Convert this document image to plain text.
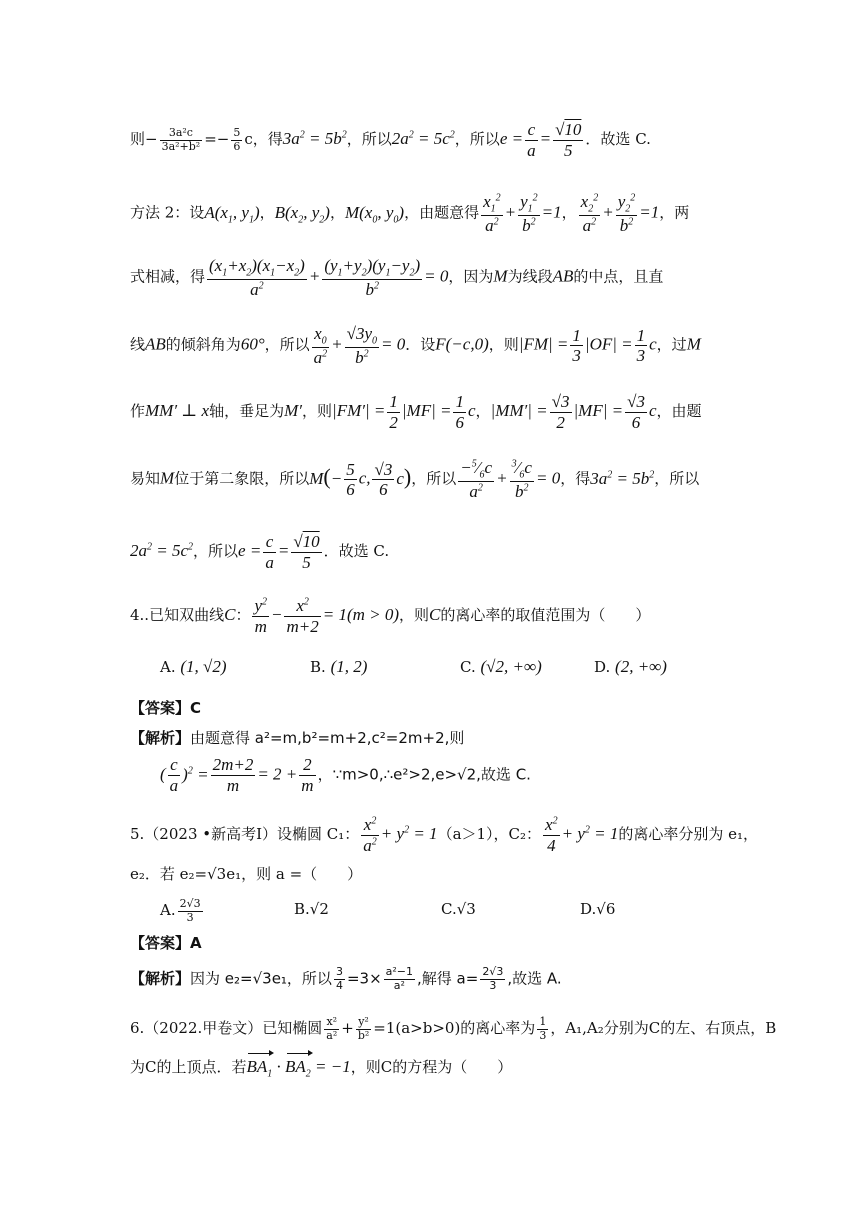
则− $\frac{\text{3a²c}}{\text{3a²+b²}} =- \frac{5}{6}$ c，得$3a^2 = 5b^2$，所以$2a^2 = 5c^2$，所以$e = \frac{c}{a} = \frac{√10}{5}$ ．故选 C.
方法 2：设$A(x_1$, $y_1$)，$B(x_2$, $y_2$)，$M(x_0$, $y_0$)，由题意得 $\frac{x_1^2}{a^2} + \frac{y_1^2}{b^2} =1$， $\frac{x_2^2}{a^2} + \frac{y_2^2}{b^2} =1$，两
式相减，得 $\frac{(x_1+x_2)(x_1-x_2)}{a^2} + \frac{(y_1+y_2)(y_1-y_2)}{b^2} = 0$，因为M为线段AB的中点，且直
线AB的倾斜角为60°，所以 $\frac{x_0}{a^2} + \frac{√3y_0}{b^2} = 0$．设F(−c,0)，则$|FM| = \frac{1}{3} |OF| = \frac{1}{3}$ c，过M
作MM′ ⊥ x轴，垂足为M′，则$|FM'| = \frac{1}{2} |MF| = \frac{1}{6}$ c，$|MM'| = \frac{√3}{2} |MF| = \frac{√3}{6}$ c，由题
易知M位于第二象限，所以$M(- \frac{5}{6} c$, $\frac{√3}{6} c$)，所以 $\frac{-^5⁄_6c}{a^2} + \frac{^3⁄_6c}{b^2} = 0$，得$3a^2 = 5b^2$，所以
$2a^2 = 5c^2$，所以$e = \frac{c}{a} = \frac{√10}{5}$ ．故选 C.
4..已知双曲线C： $\frac{y^2}{m} - \frac{x^2}{m+2} = 1(m > 0)$，则C的离心率的取值范围为（　　）
A. (1, √2)	B. (1, 2)	C. (√2, +∞)	D. (2, +∞)
【答案】C
【解析】由题意得 a²=m,b²=m+2,c²=2m+2,则
( $\frac{c}{a} )^2 = \frac{2m+2}{m} = 2 + \frac{2}{m}$ ，∵m>0,∴e²>2,e>√2,故选 C.
5.（2023 •新高考Ⅰ）设椭圆 C₁： $\frac{x^2}{a^2} + y^2 = 1(a>1)$，C₂： $\frac{x^2}{4} + y^2 = 1$的离心率分别为 e₁，
e₂．若 e₂=√3e₁，则 a =（　　）
A. $\frac{2√3}{3}$	B.√2	C.√3	D.√6
【答案】A
【解析】因为 e₂=√3e₁，所以 $\frac{3}{4} =3\times \frac{\text{a²−1}}{\text{a²}}$ ,解得 $a= \frac{2√3}{3}$ ,故选 A.
6.（2022.甲卷文）已知椭圆 $\frac{\text{x²}}{\text{a²}} + \frac{\text{y²}}{\text{b²}} =1(a>b>0)$的离心率为 $\frac{1}{3}$ ，A₁,A₂分别为C的左、右顶点，B
为C的上顶点．若$BA_1 \cdot BA_2 = -1$，则C的方程为（　　）
